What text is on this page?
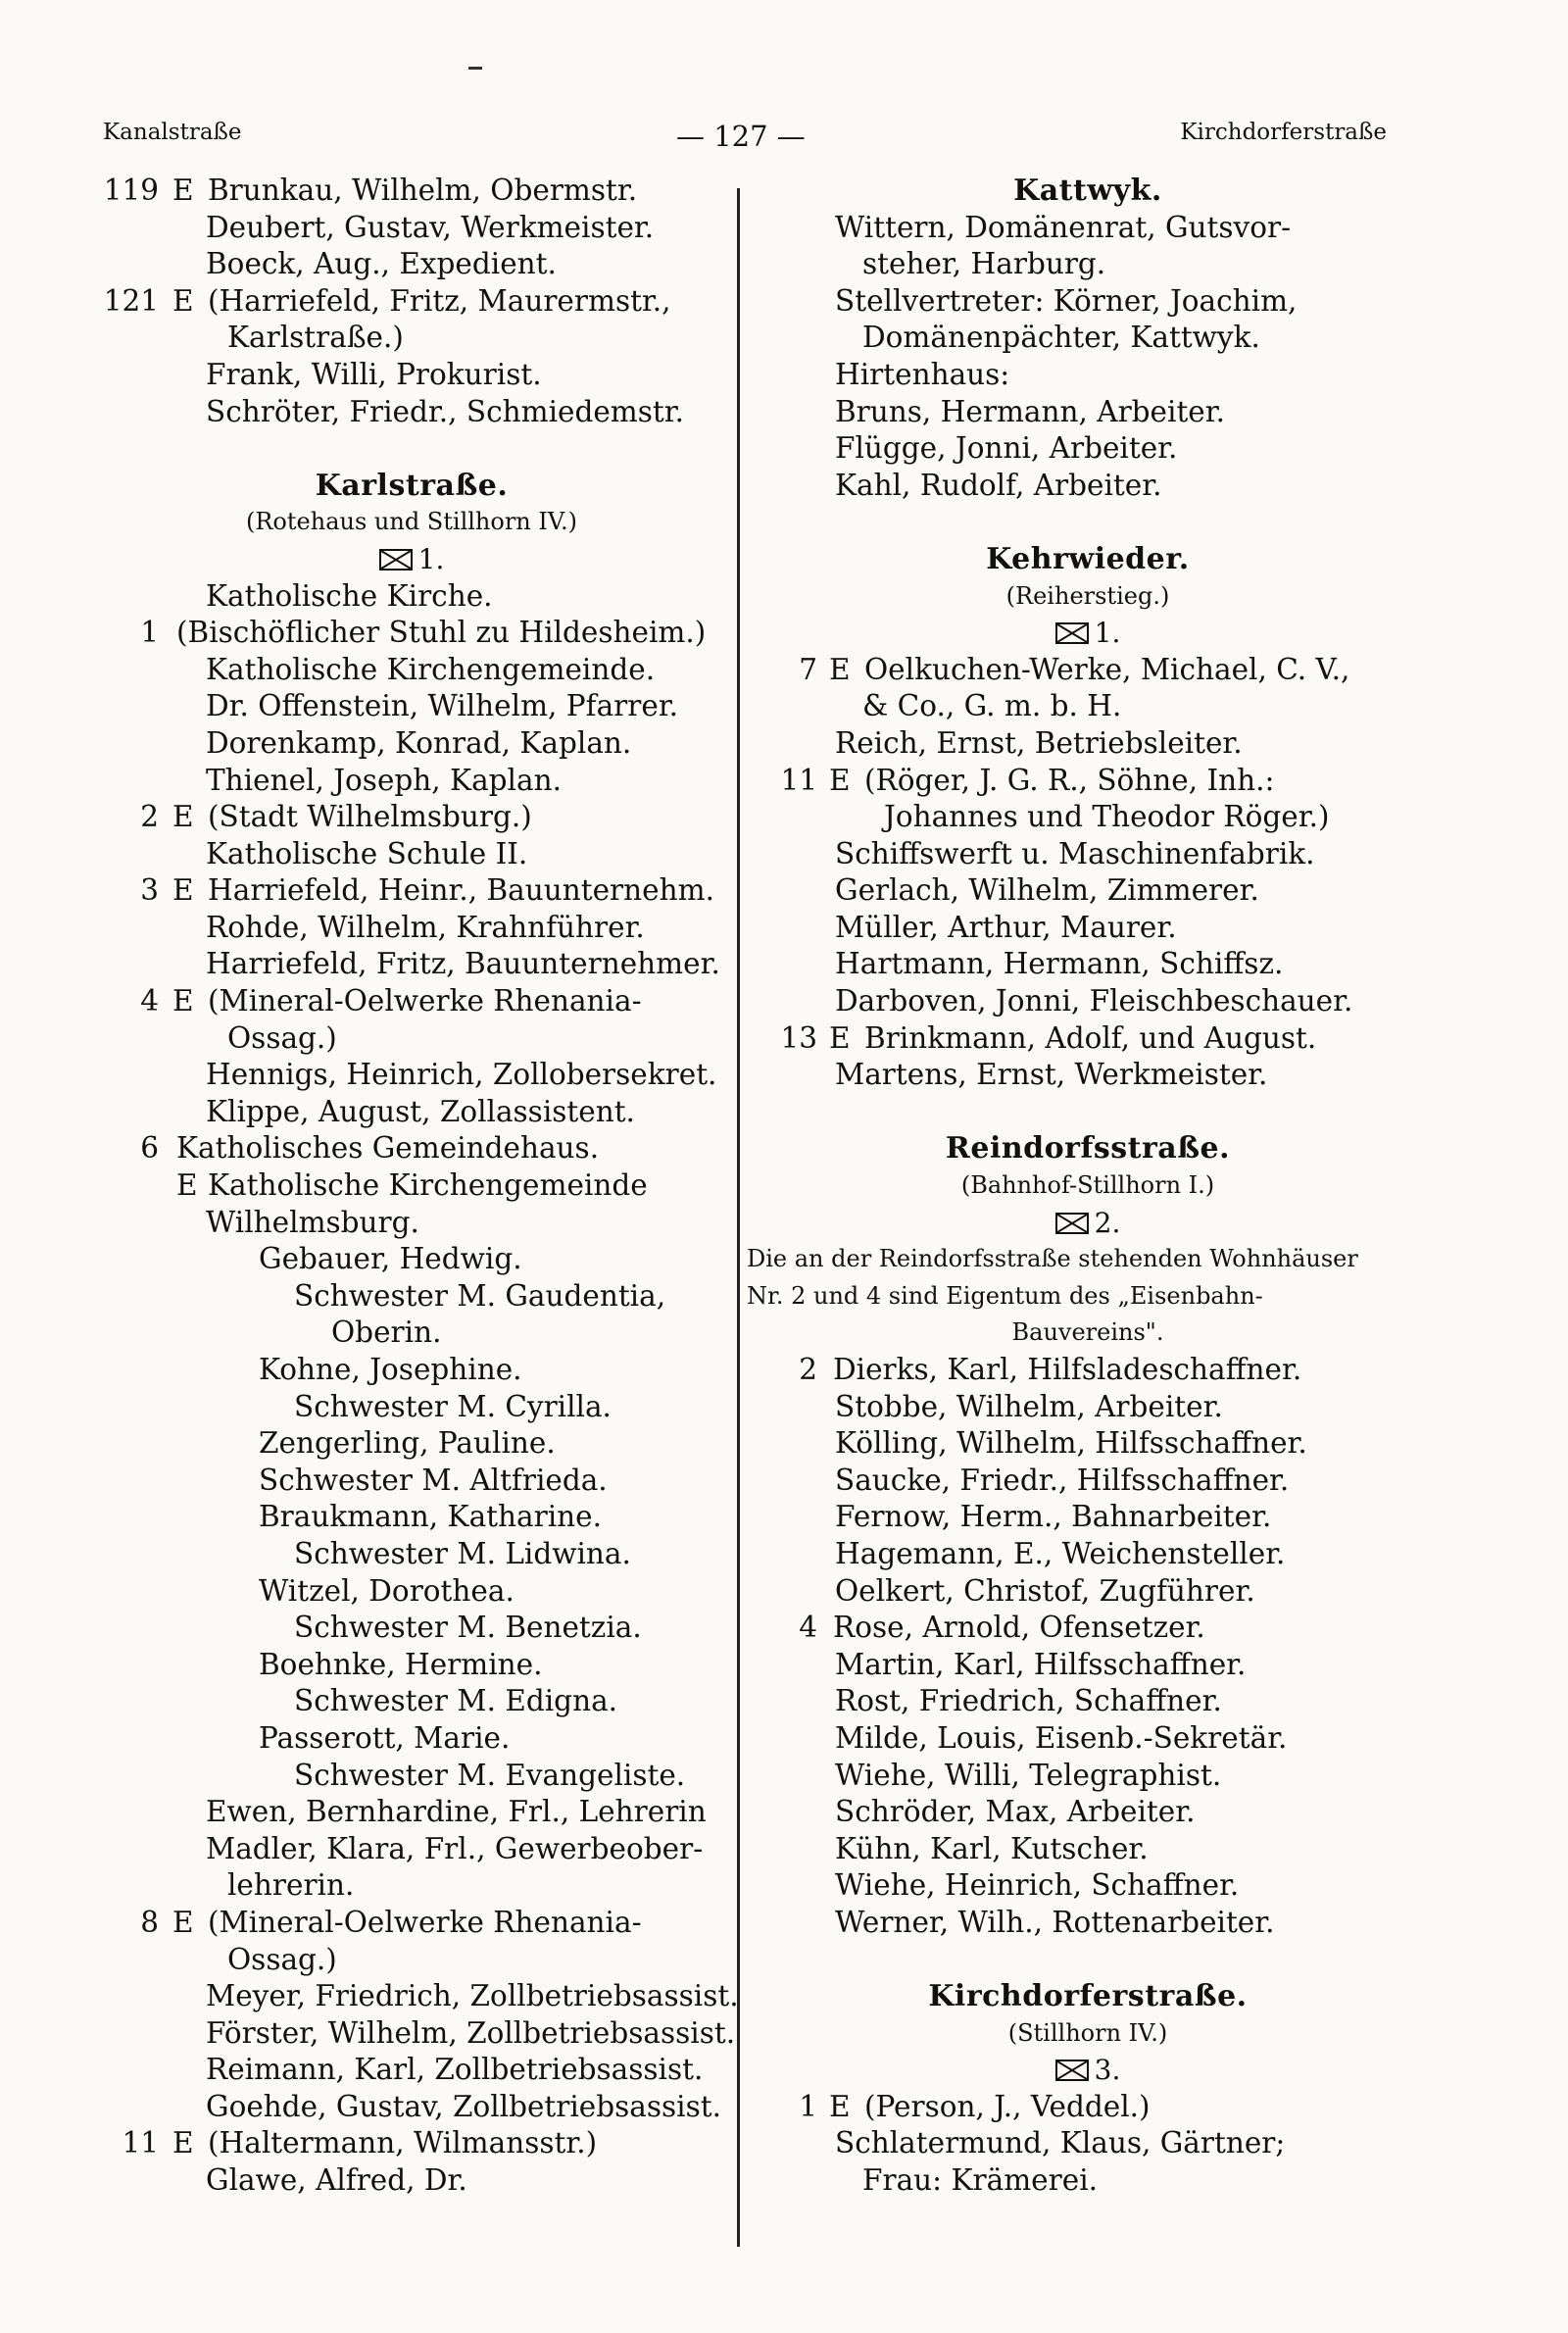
Kanalstraße	— 127 —	Kirchdorferstraße
119 E Brunkau, Wilhelm, Obermstr.
Deubert, Gustav, Werkmeister.
Boeck, Aug., Expedient.
121 E (Harriefeld, Fritz, Maurermstr.,
Karlstraße.)
Frank, Willi, Prokurist.
Schröter, Friedr., Schmiedemstr.
Karlstraße.
(Rotehaus und Stillhorn IV.)
1.
Katholische Kirche.
1 (Bischöflicher Stuhl zu Hildesheim.)
Katholische Kirchengemeinde.
Dr. Offenstein, Wilhelm, Pfarrer.
Dorenkamp, Konrad, Kaplan.
Thienel, Joseph, Kaplan.
2 E (Stadt Wilhelmsburg.)
Katholische Schule II.
3 E Harriefeld, Heinr., Bauunternehm.
Rohde, Wilhelm, Krahnführer.
Harriefeld, Fritz, Bauunternehmer.
4 E (Mineral-Oelwerke Rhenania-
Ossag.)
Hennigs, Heinrich, Zollobersekret.
Klippe, August, Zollassistent.
6 Katholisches Gemeindehaus.
E Katholische Kirchengemeinde
Wilhelmsburg.
Gebauer, Hedwig.
Schwester M. Gaudentia,
Oberin.
Kohne, Josephine.
Schwester M. Cyrilla.
Zengerling, Pauline.
Schwester M. Altfrieda.
Braukmann, Katharine.
Schwester M. Lidwina.
Witzel, Dorothea.
Schwester M. Benetzia.
Boehnke, Hermine.
Schwester M. Edigna.
Passerott, Marie.
Schwester M. Evangeliste.
Ewen, Bernhardine, Frl., Lehrerin
Madler, Klara, Frl., Gewerbeober-
lehrerin.
8 E (Mineral-Oelwerke Rhenania-
Ossag.)
Meyer, Friedrich, Zollbetriebsassist.
Förster, Wilhelm, Zollbetriebsassist.
Reimann, Karl, Zollbetriebsassist.
Goehde, Gustav, Zollbetriebsassist.
11 E (Haltermann, Wilmansstr.)
Glawe, Alfred, Dr.
Kattwyk.
Wittern, Domänenrat, Gutsvor-
steher, Harburg.
Stellvertreter: Körner, Joachim,
Domänenpächter, Kattwyk.
Hirtenhaus:
Bruns, Hermann, Arbeiter.
Flügge, Jonni, Arbeiter.
Kahl, Rudolf, Arbeiter.
Kehrwieder.
(Reiherstieg.)
1.
7 E Oelkuchen-Werke, Michael, C. V.,
& Co., G. m. b. H.
Reich, Ernst, Betriebsleiter.
11 E (Röger, J. G. R., Söhne, Inh.:
Johannes und Theodor Röger.)
Schiffswerft u. Maschinenfabrik.
Gerlach, Wilhelm, Zimmerer.
Müller, Arthur, Maurer.
Hartmann, Hermann, Schiffsz.
Darboven, Jonni, Fleischbeschauer.
13 E Brinkmann, Adolf, und August.
Martens, Ernst, Werkmeister.
Reindorfsstraße.
(Bahnhof-Stillhorn I.)
2.
Die an der Reindorfsstraße stehenden Wohnhäuser
Nr. 2 und 4 sind Eigentum des „Eisenbahn-
Bauvereins".
2 Dierks, Karl, Hilfsladeschaffner.
Stobbe, Wilhelm, Arbeiter.
Kölling, Wilhelm, Hilfsschaffner.
Saucke, Friedr., Hilfsschaffner.
Fernow, Herm., Bahnarbeiter.
Hagemann, E., Weichensteller.
Oelkert, Christof, Zugführer.
4 Rose, Arnold, Ofensetzer.
Martin, Karl, Hilfsschaffner.
Rost, Friedrich, Schaffner.
Milde, Louis, Eisenb.-Sekretär.
Wiehe, Willi, Telegraphist.
Schröder, Max, Arbeiter.
Kühn, Karl, Kutscher.
Wiehe, Heinrich, Schaffner.
Werner, Wilh., Rottenarbeiter.
Kirchdorferstraße.
(Stillhorn IV.)
3.
1 E (Person, J., Veddel.)
Schlatermund, Klaus, Gärtner;
Frau: Krämerei.
